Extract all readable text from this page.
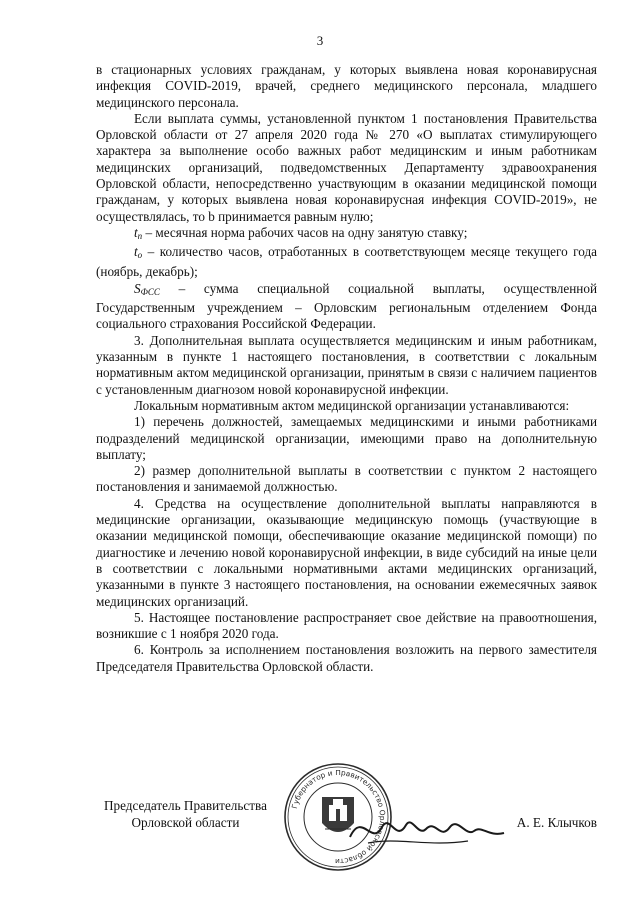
3

в стационарных условиях гражданам, у которых выявлена новая коронавирусная инфекция COVID-2019, врачей, среднего медицинского персонала, младшего медицинского персонала.

Если выплата суммы, установленной пунктом 1 постановления Правительства Орловской области от 27 апреля 2020 года № 270 «О выплатах стимулирующего характера за выполнение особо важных работ медицинским и иным работникам медицинских организаций, подведомственных Департаменту здравоохранения Орловской области, непосредственно участвующим в оказании медицинской помощи гражданам, у которых выявлена новая коронавирусная инфекция COVID-2019», не осуществлялась, то b принимается равным нулю;

$t_n$ – месячная норма рабочих часов на одну занятую ставку;

$t_o$ – количество часов, отработанных в соответствующем месяце текущего года (ноябрь, декабрь);

$S_{ФСС}$ – сумма специальной социальной выплаты, осуществленной Государственным учреждением – Орловским региональным отделением Фонда социального страхования Российской Федерации.

3. Дополнительная выплата осуществляется медицинским и иным работникам, указанным в пункте 1 настоящего постановления, в соответствии с локальным нормативным актом медицинской организации, принятым в связи с наличием пациентов с установленным диагнозом новой коронавирусной инфекции.

Локальным нормативным актом медицинской организации устанавливаются:

1) перечень должностей, замещаемых медицинскими и иными работниками подразделений медицинской организации, имеющими право на дополнительную выплату;

2) размер дополнительной выплаты в соответствии с пунктом 2 настоящего постановления и занимаемой должностью.

4. Средства на осуществление дополнительной выплаты направляются в медицинские организации, оказывающие медицинскую помощь (участвующие в оказании медицинской помощи, обеспечивающие оказание медицинской помощи) по диагностике и лечению новой коронавирусной инфекции, в виде субсидий на иные цели в соответствии с локальными нормативными актами медицинских организаций, указанными в пункте 3 настоящего постановления, на основании ежемесячных заявок медицинских организаций.

5. Настоящее постановление распространяет свое действие на правоотношения, возникшие с 1 ноября 2020 года.

6. Контроль за исполнением постановления возложить на первого заместителя Председателя Правительства Орловской области.

Председатель Правительства
Орловской области
Губернатор и Правительство Орловской области
А. Е. Клычков
